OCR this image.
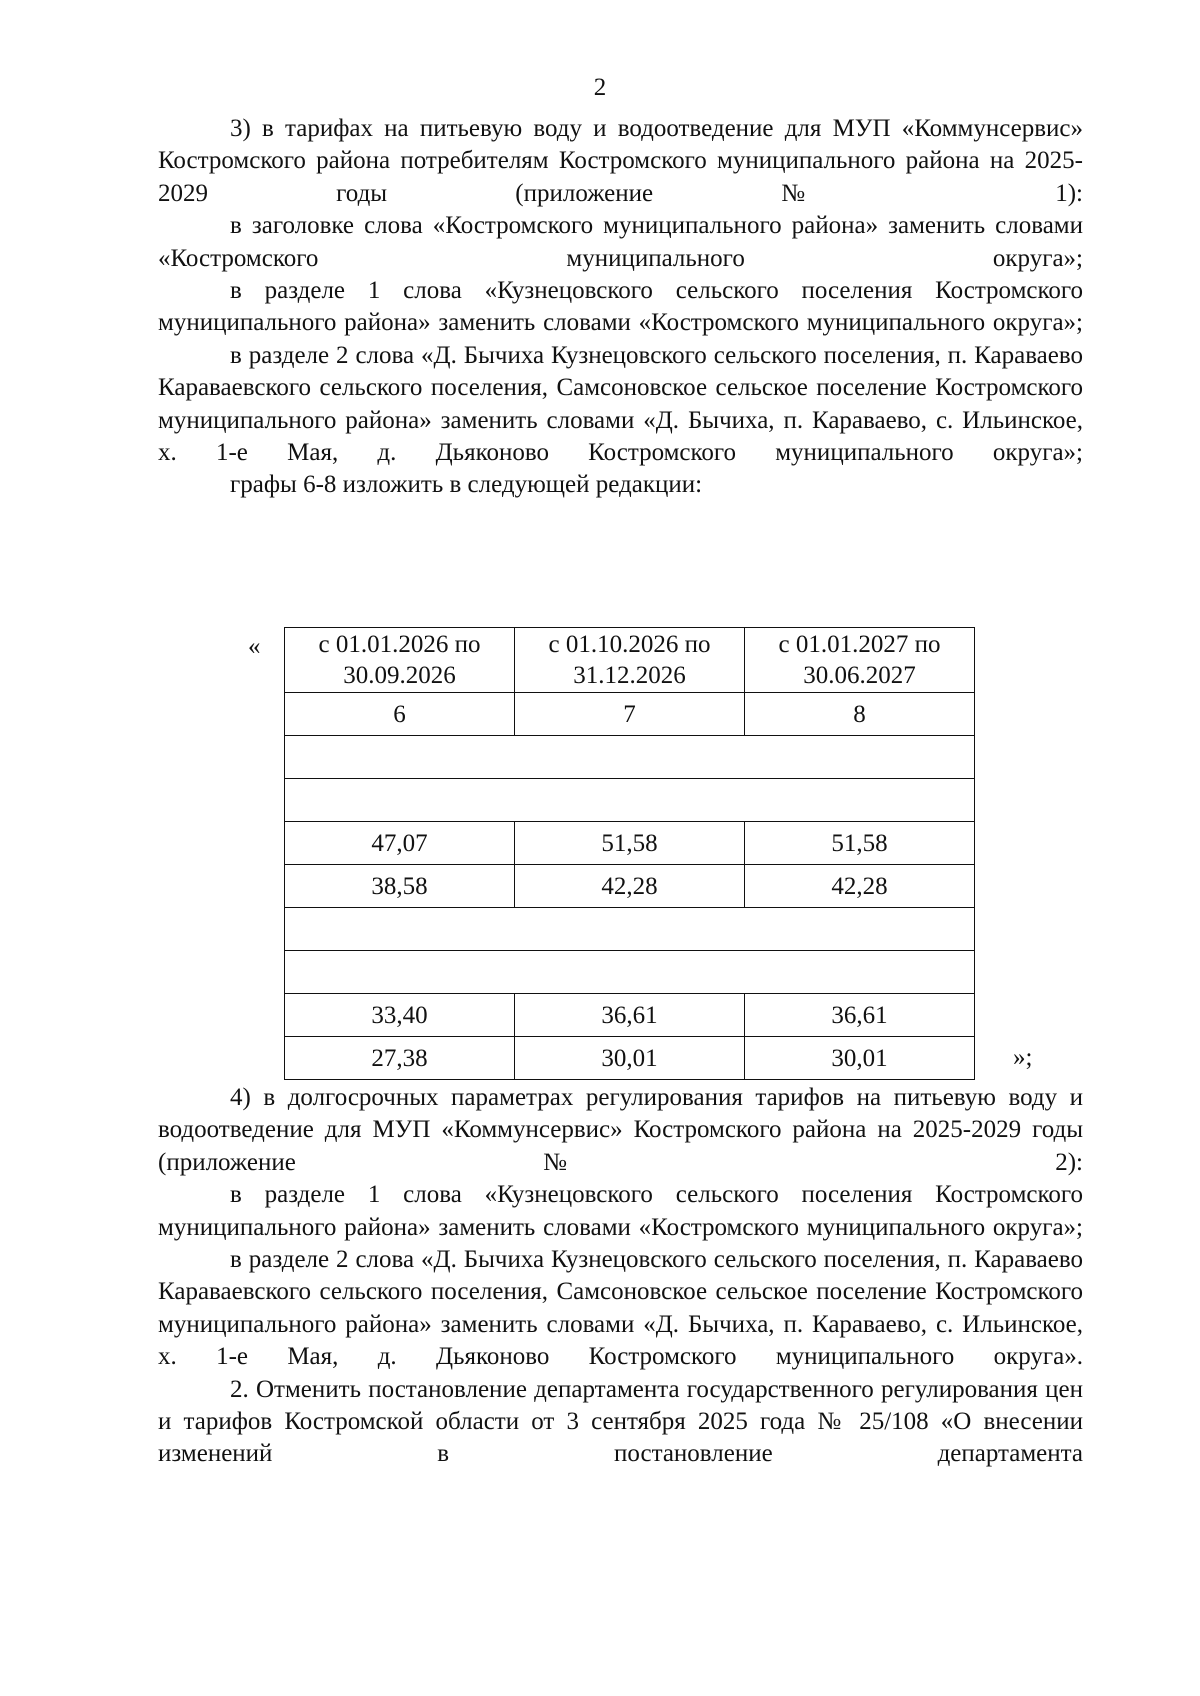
2

3) в тарифах на питьевую воду и водоотведение для МУП «Коммунсервис» Костромского района потребителям Костромского муниципального района на 2025-2029 годы (приложение № 1):

в заголовке слова «Костромского муниципального района» заменить словами «Костромского муниципального округа»;

в разделе 1 слова «Кузнецовского сельского поселения Костромского муниципального района» заменить словами «Костромского муниципального округа»;

в разделе 2 слова «Д. Бычиха Кузнецовского сельского поселения, п. Караваево Караваевского сельского поселения, Самсоновское сельское поселение Костромского муниципального района» заменить словами «Д. Бычиха, п. Караваево, с. Ильинское, х. 1-е Мая, д. Дьяконово Костромского муниципального округа»;

графы 6-8 изложить в следующей редакции:

« с 01.01.2026 по 30.09.2026	с 01.10.2026 по 31.12.2026	с 01.01.2027 по 30.06.2027
6	7	8

47,07	51,58	51,58
38,58	42,28	42,28

33,40	36,61	36,61
27,38	30,01	30,01	»;

4) в долгосрочных параметрах регулирования тарифов на питьевую воду и водоотведение для МУП «Коммунсервис» Костромского района на 2025-2029 годы (приложение № 2):

в разделе 1 слова «Кузнецовского сельского поселения Костромского муниципального района» заменить словами «Костромского муниципального округа»;

в разделе 2 слова «Д. Бычиха Кузнецовского сельского поселения, п. Караваево Караваевского сельского поселения, Самсоновское сельское поселение Костромского муниципального района» заменить словами «Д. Бычиха, п. Караваево, с. Ильинское, х. 1-е Мая, д. Дьяконово Костромского муниципального округа».

2. Отменить постановление департамента государственного регулирования цен и тарифов Костромской области от 3 сентября 2025 года № 25/108 «О внесении изменений в постановление департамента
